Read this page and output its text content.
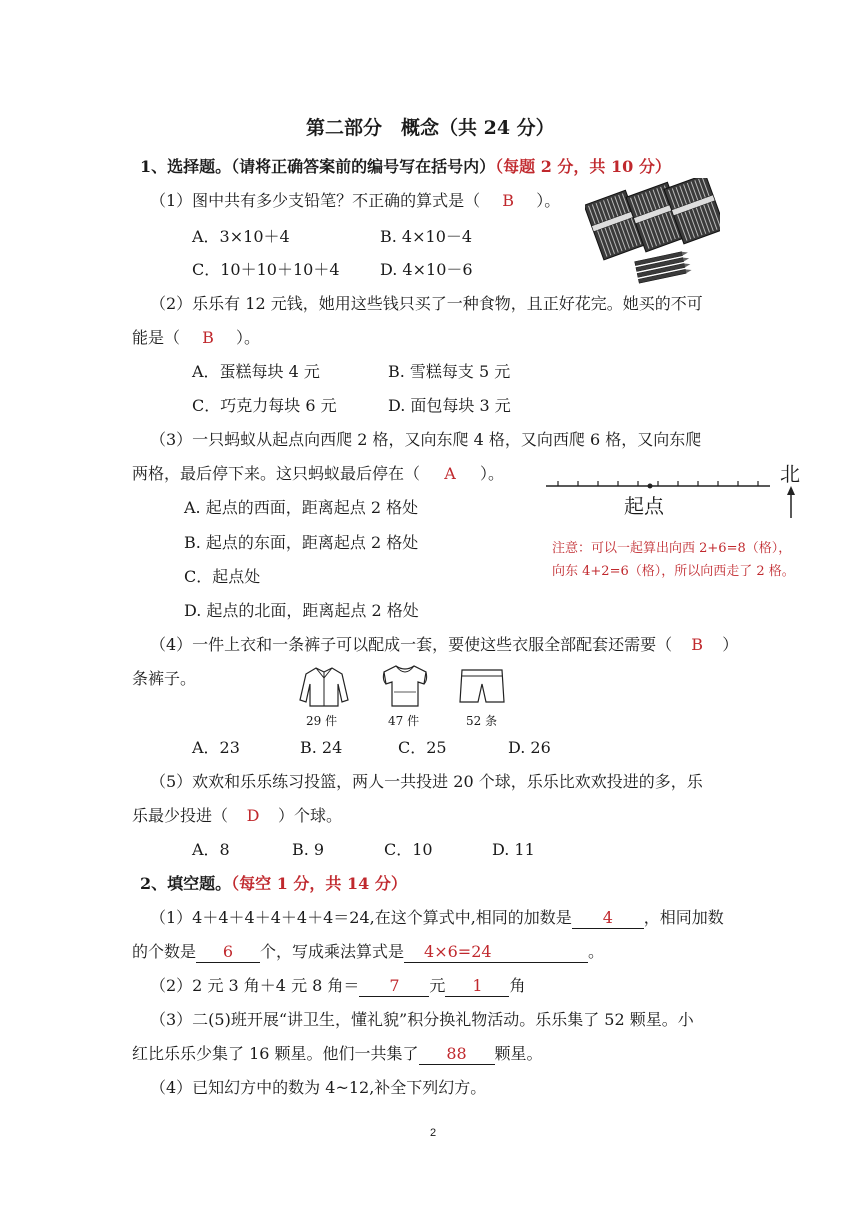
第二部分　概念（共 24 分）
1、选择题。（请将正确答案前的编号写在括号内）（每题 2 分，共 10 分）
（1）图中共有多少支铅笔？不正确的算式是（ B ）。
A．3×10＋4	B. 4×10－4
C．10＋10＋10＋4	D. 4×10－6
（2）乐乐有 12 元钱，她用这些钱只买了一种食物，且正好花完。她买的不可
能是（ B ）。
A．蛋糕每块 4 元	B. 雪糕每支 5 元
C．巧克力每块 6 元	D. 面包每块 3 元
（3）一只蚂蚁从起点向西爬 2 格，又向东爬 4 格，又向西爬 6 格，又向东爬
两格，最后停下来。这只蚂蚁最后停在（ A ）。
A. 起点的西面，距离起点 2 格处
B. 起点的东面，距离起点 2 格处
C．起点处
D. 起点的北面，距离起点 2 格处
起点
北
注意：可以一起算出向西 2+6=8（格），
向东 4+2=6（格），所以向西走了 2 格。
（4）一件上衣和一条裤子可以配成一套，要使这些衣服全部配套还需要（ B ）
条裤子。
29 件	47 件	52 条
A．23	B. 24	C．25	D. 26
（5）欢欢和乐乐练习投篮，两人一共投进 20 个球，乐乐比欢欢投进的多，乐
乐最少投进（ D ）个球。
A．8	B. 9	C．10	D. 11
2、填空题。（每空 1 分，共 14 分）
（1）4＋4＋4＋4＋4＋4＝24,在这个算式中,相同的加数是 4 ，相同加数
的个数是 6 个，写成乘法算式是 4×6=24	。
（2）2 元 3 角＋4 元 8 角＝ 7 元 1 角
（3）二(5)班开展“讲卫生，懂礼貌”积分换礼物活动。乐乐集了 52 颗星。小
红比乐乐少集了 16 颗星。他们一共集了 88 颗星。
（4）已知幻方中的数为 4~12,补全下列幻方。
2
